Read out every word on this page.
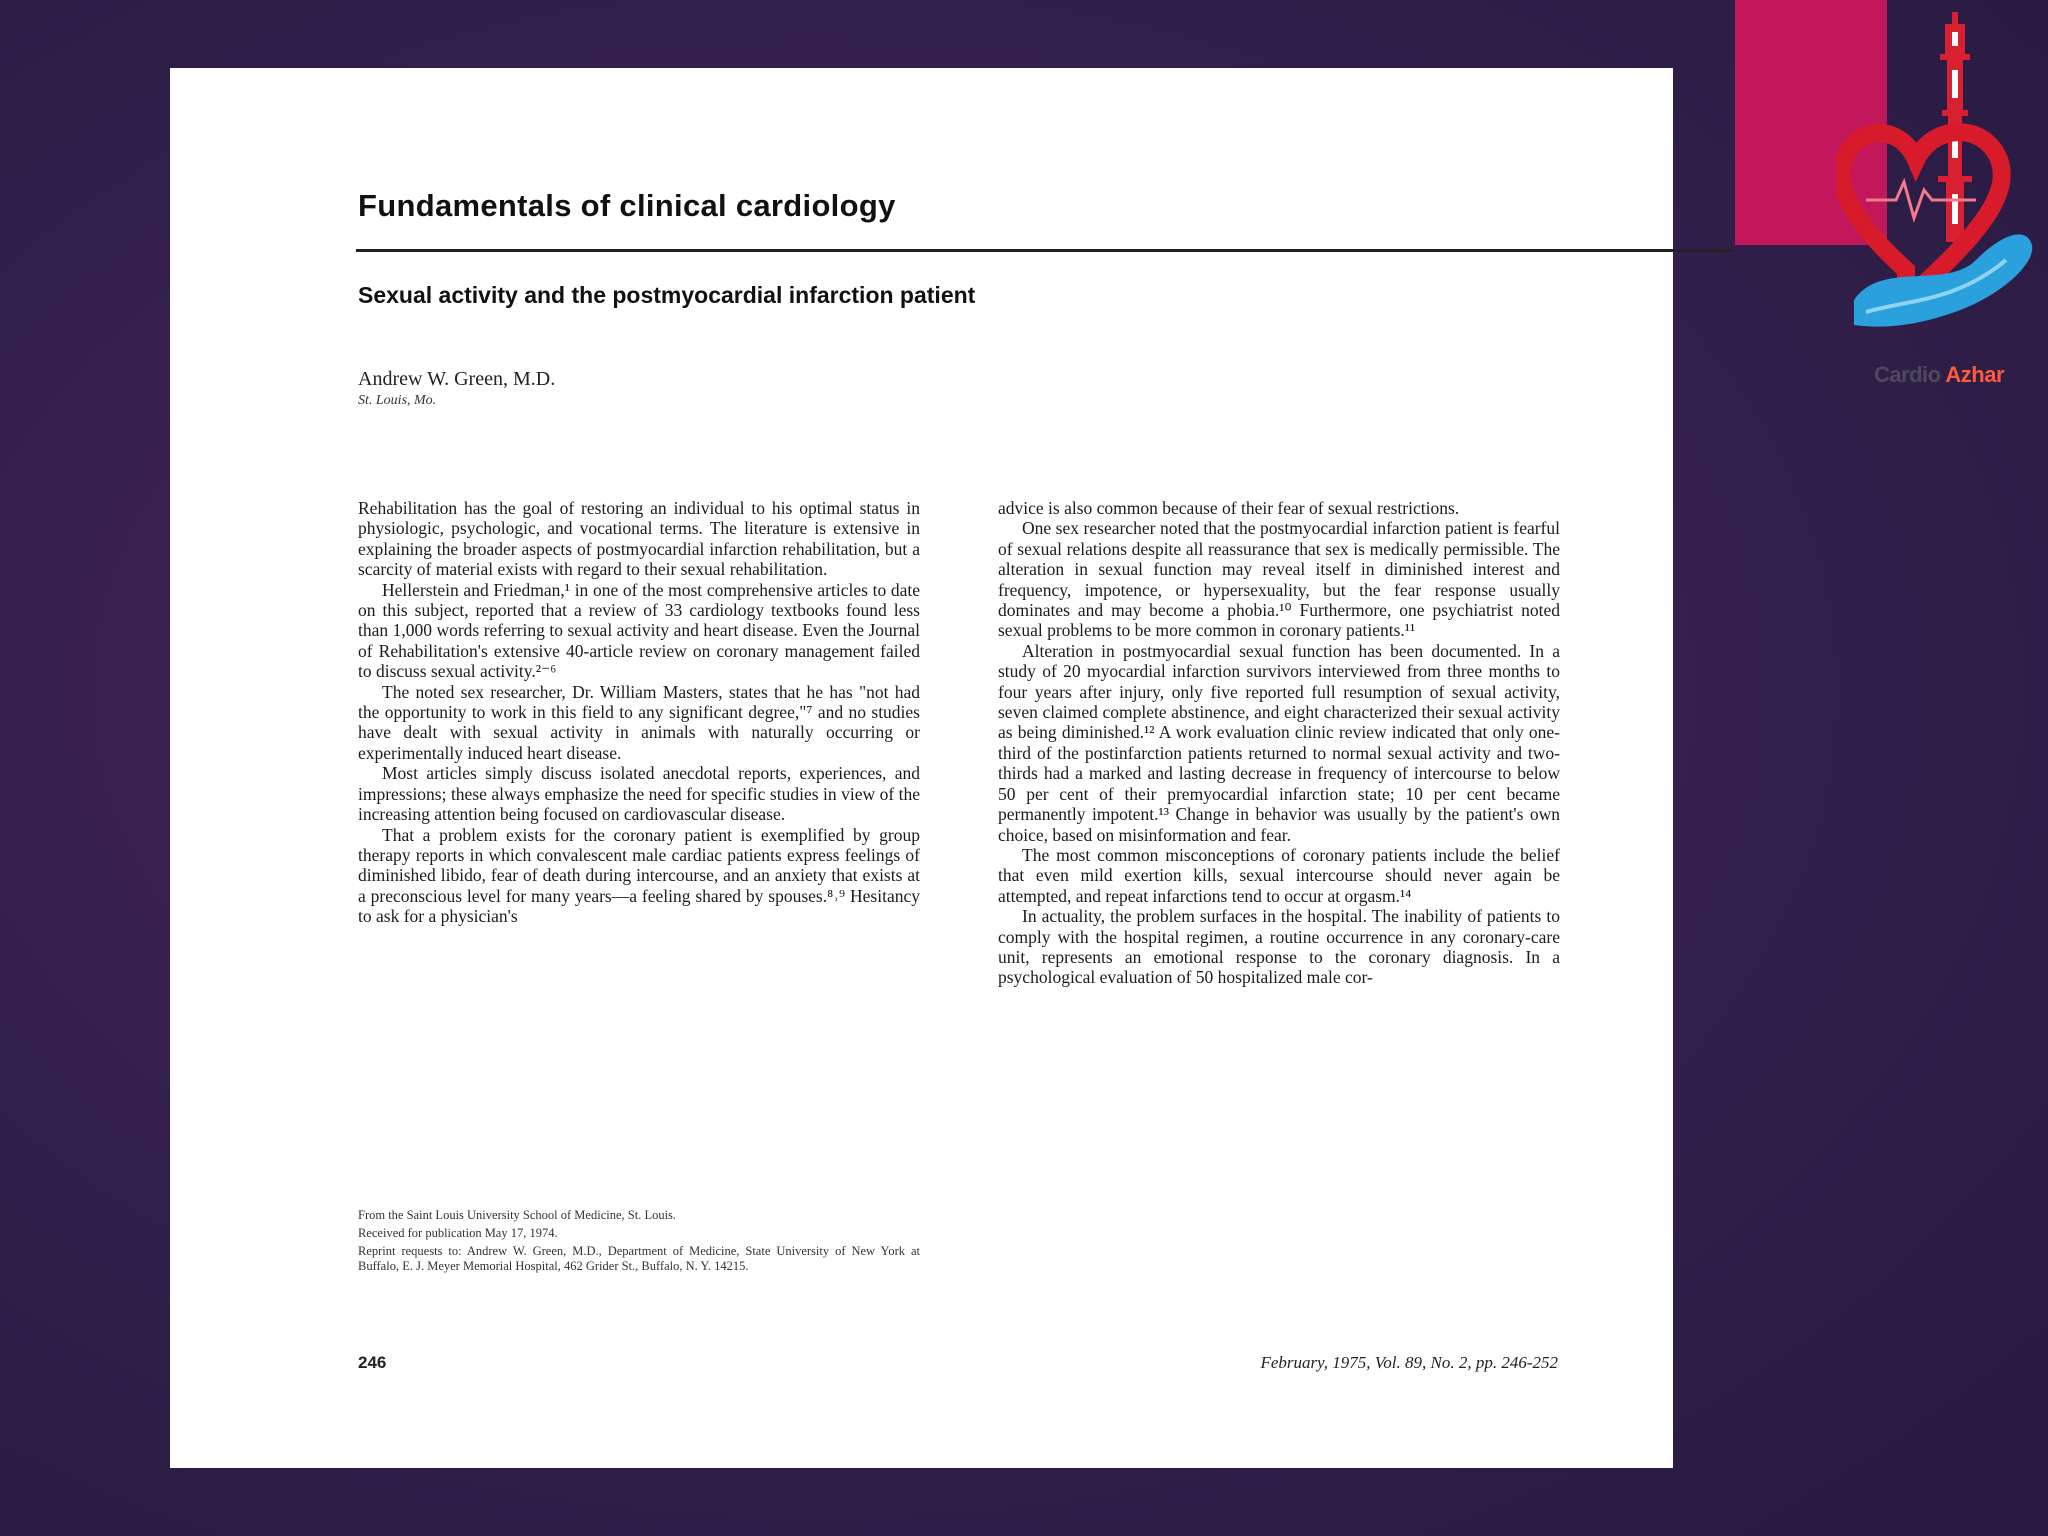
Cardio Azhar
Fundamentals of clinical cardiology
Sexual activity and the postmyocardial infarction patient
Andrew W. Green, M.D.
St. Louis, Mo.

Rehabilitation has the goal of restoring an individual to his optimal status in physiologic, psychologic, and vocational terms. The literature is extensive in explaining the broader aspects of postmyocardial infarction rehabilitation, but a scarcity of material exists with regard to their sexual rehabilitation.

Hellerstein and Friedman,¹ in one of the most comprehensive articles to date on this subject, reported that a review of 33 cardiology textbooks found less than 1,000 words referring to sexual activity and heart disease. Even the Journal of Rehabilitation's extensive 40-article review on coronary management failed to discuss sexual activity.²⁻⁶

The noted sex researcher, Dr. William Masters, states that he has "not had the opportunity to work in this field to any significant degree,"⁷ and no studies have dealt with sexual activity in animals with naturally occurring or experimentally induced heart disease.

Most articles simply discuss isolated anecdotal reports, experiences, and impressions; these always emphasize the need for specific studies in view of the increasing attention being focused on cardiovascular disease.

That a problem exists for the coronary patient is exemplified by group therapy reports in which convalescent male cardiac patients express feelings of diminished libido, fear of death during intercourse, and an anxiety that exists at a preconscious level for many years—a feeling shared by spouses.⁸˒⁹ Hesitancy to ask for a physician's

advice is also common because of their fear of sexual restrictions.

One sex researcher noted that the postmyocardial infarction patient is fearful of sexual relations despite all reassurance that sex is medically permissible. The alteration in sexual function may reveal itself in diminished interest and frequency, impotence, or hypersexuality, but the fear response usually dominates and may become a phobia.¹⁰ Furthermore, one psychiatrist noted sexual problems to be more common in coronary patients.¹¹

Alteration in postmyocardial sexual function has been documented. In a study of 20 myocardial infarction survivors interviewed from three months to four years after injury, only five reported full resumption of sexual activity, seven claimed complete abstinence, and eight characterized their sexual activity as being diminished.¹² A work evaluation clinic review indicated that only one-third of the postinfarction patients returned to normal sexual activity and two-thirds had a marked and lasting decrease in frequency of intercourse to below 50 per cent of their premyocardial infarction state; 10 per cent became permanently impotent.¹³ Change in behavior was usually by the patient's own choice, based on misinformation and fear.

The most common misconceptions of coronary patients include the belief that even mild exertion kills, sexual intercourse should never again be attempted, and repeat infarctions tend to occur at orgasm.¹⁴

In actuality, the problem surfaces in the hospital. The inability of patients to comply with the hospital regimen, a routine occurrence in any coronary-care unit, represents an emotional response to the coronary diagnosis. In a psychological evaluation of 50 hospitalized male cor-

From the Saint Louis University School of Medicine, St. Louis.
Received for publication May 17, 1974.
Reprint requests to: Andrew W. Green, M.D., Department of Medicine, State University of New York at Buffalo, E. J. Meyer Memorial Hospital, 462 Grider St., Buffalo, N. Y. 14215.
246	February, 1975, Vol. 89, No. 2, pp. 246-252
